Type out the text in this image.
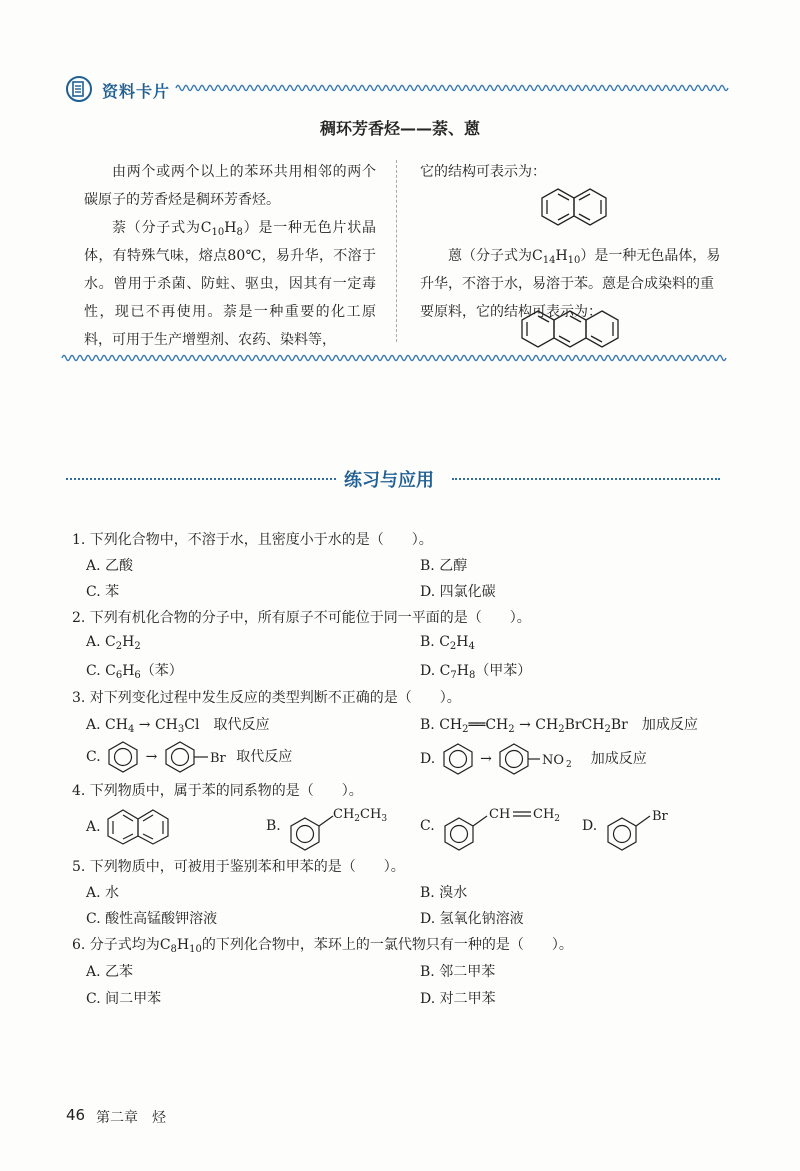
资料卡片
稠环芳香烃——萘、蒽

由两个或两个以上的苯环共用相邻的两个碳原子的芳香烃是稠环芳香烃。

萘（分子式为$C_{10}H_8$）是一种无色片状晶体，有特殊气味，熔点80℃，易升华，不溶于水。曾用于杀菌、防蛀、驱虫，因其有一定毒性，现已不再使用。萘是一种重要的化工原料，可用于生产增塑剂、农药、染料等，

它的结构可表示为：

蒽（分子式为$C_{14}H_{10}$）是一种无色晶体，易升华，不溶于水，易溶于苯。蒽是合成染料的重要原料，它的结构可表示为：

练习与应用
1. 下列化合物中，不溶于水，且密度小于水的是（　　）。
A. 乙酸	B. 乙醇
C. 苯	D. 四氯化碳
2. 下列有机化合物的分子中，所有原子不可能位于同一平面的是（　　）。
A. $C_2H_2$	B. $C_2H_4$
C. $C_6H_6$（苯）	D. $C_7H_8$（甲苯）
3. 对下列变化过程中发生反应的类型判断不正确的是（　　）。
A. $CH_4 \to CH_3Cl$　取代反应	B. $CH_2══CH_2$ → $CH_2BrCH_2Br$　加成反应
C.	→	Br 取代反应	D.	→	NO 2 加成反应
4. 下列物质中，属于苯的同系物的是（　　）。
A.	B.
$CH_2CH_3$ C.
CH $CH_2$ D.
Br
5. 下列物质中，可被用于鉴别苯和甲苯的是（　　）。
A. 水	B. 溴水
C. 酸性高锰酸钾溶液	D. 氢氧化钠溶液
6. 分子式均为$C_8H_{10}$的下列化合物中，苯环上的一氯代物只有一种的是（　　）。
A. 乙苯	B. 邻二甲苯
C. 间二甲苯	D. 对二甲苯
46 第二章　烃
